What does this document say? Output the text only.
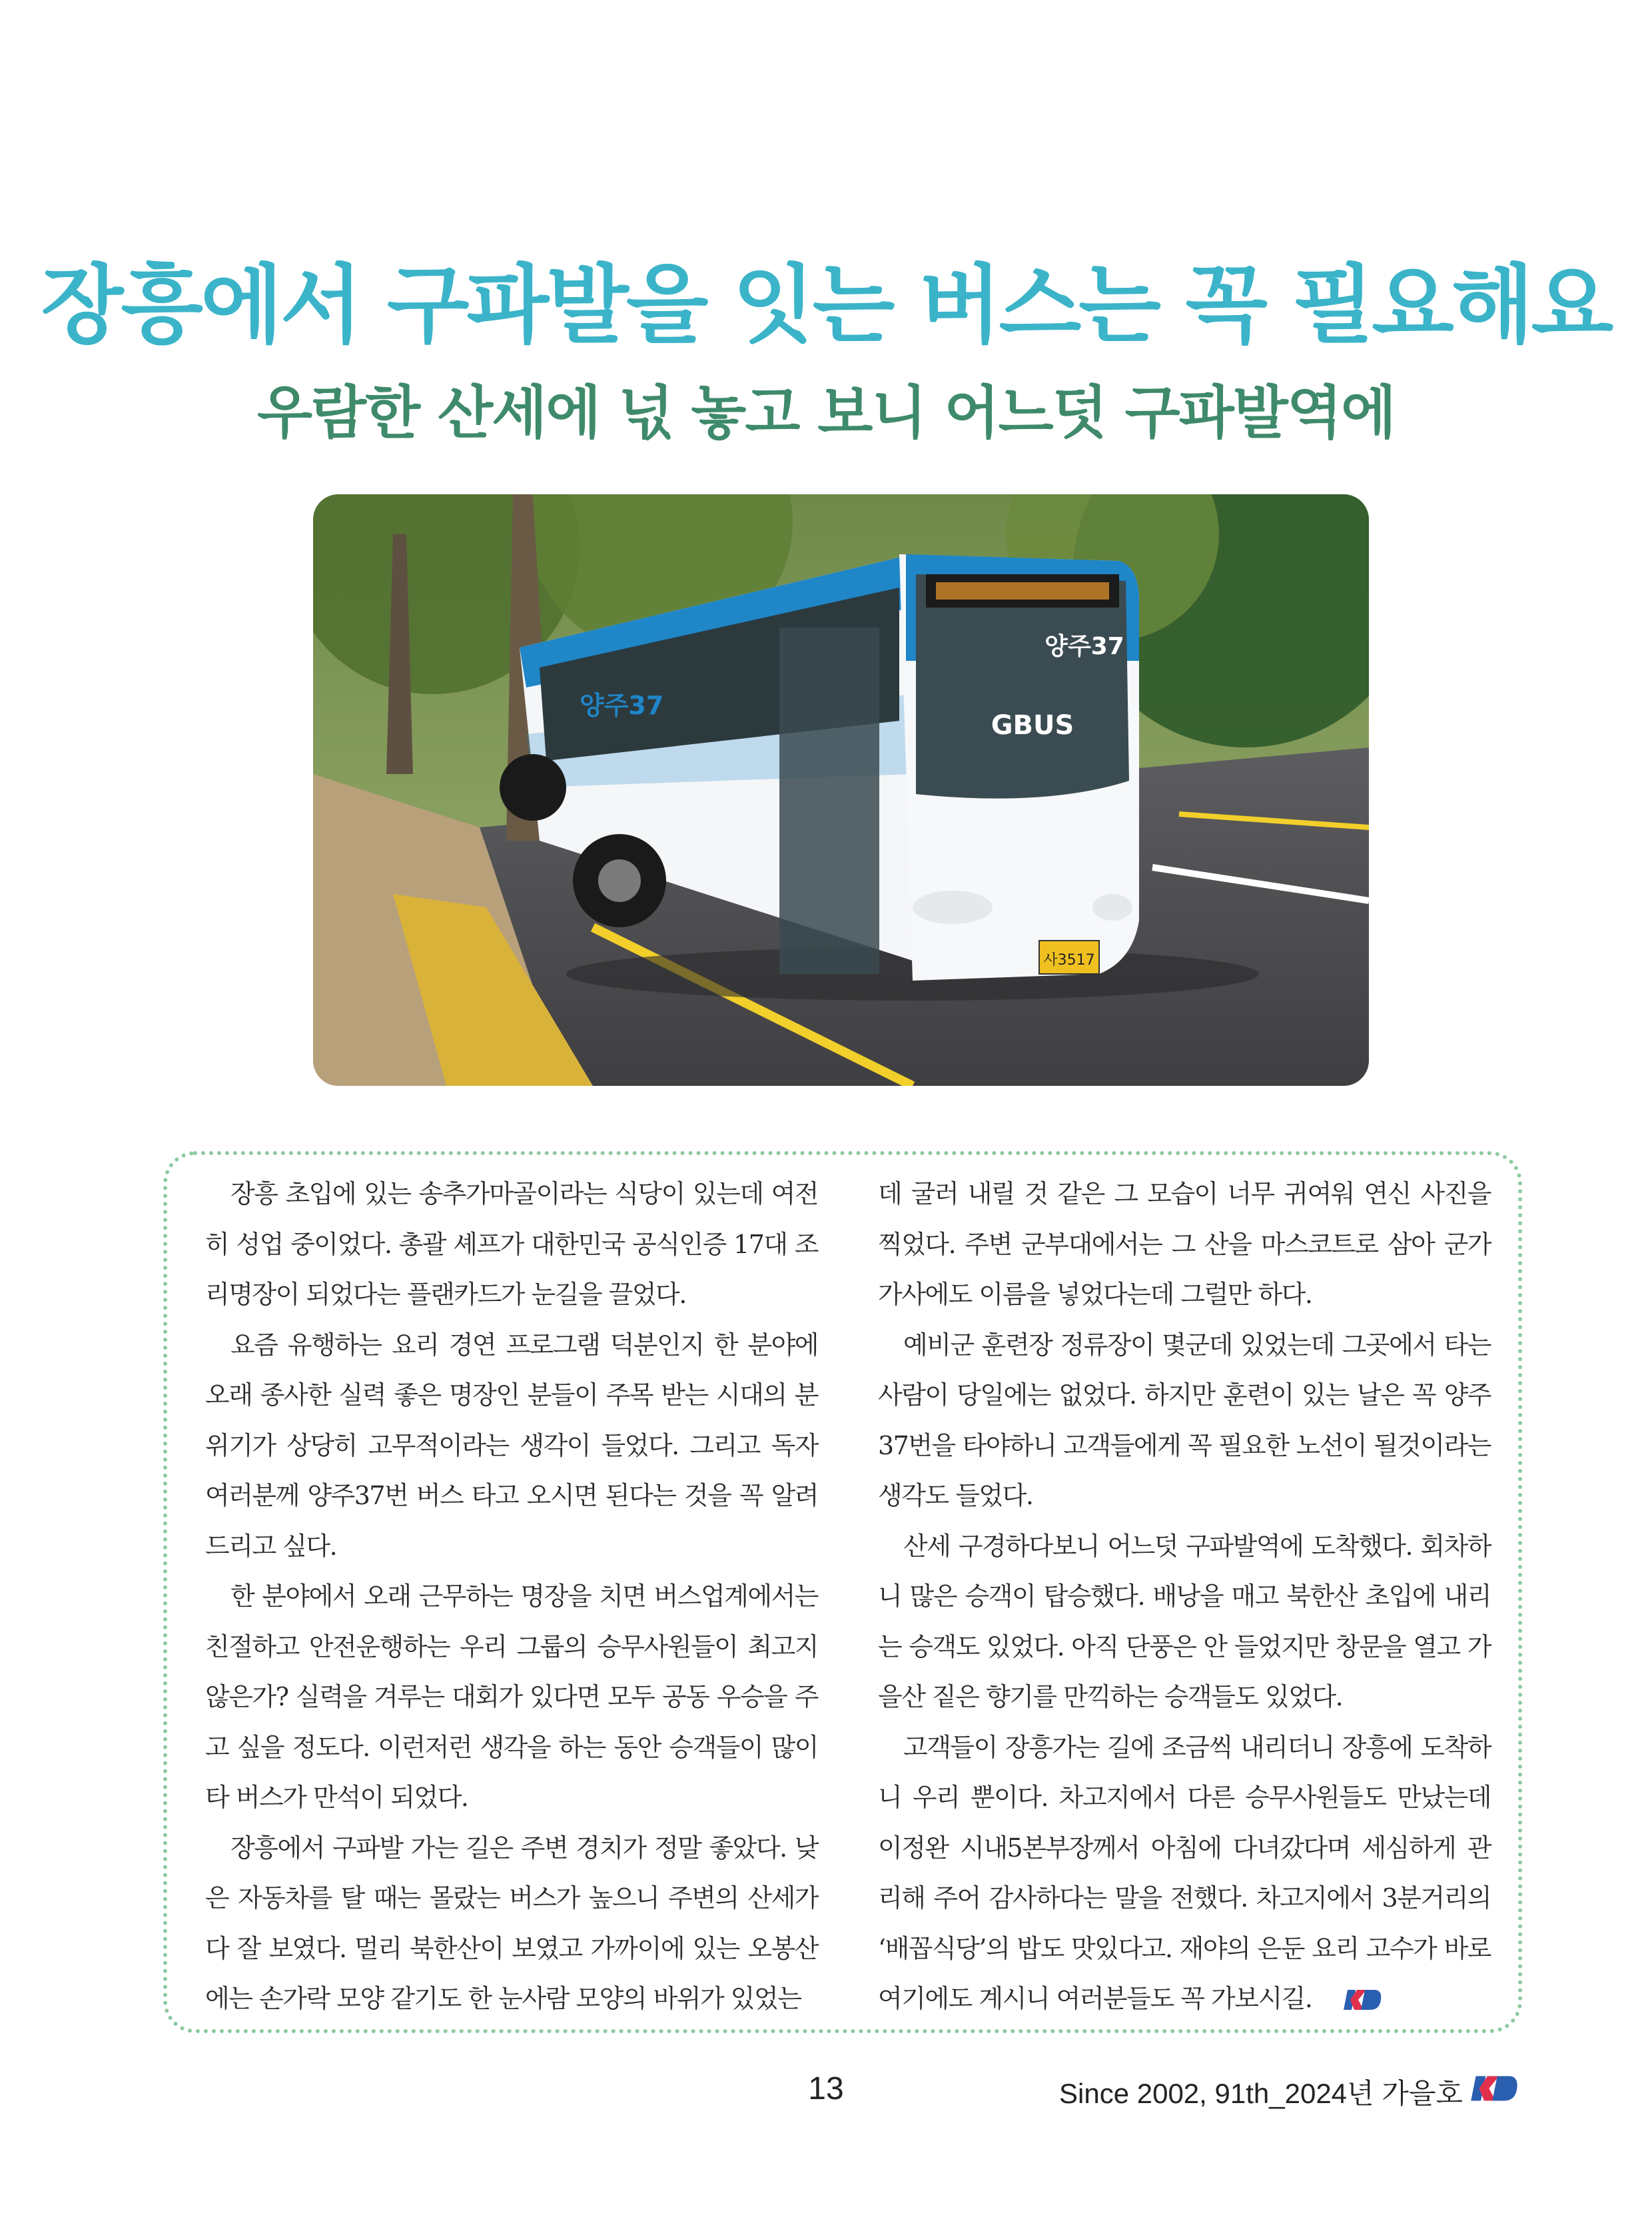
장흥에서 구파발을 잇는 버스는 꼭 필요해요
우람한 산세에 넋 놓고 보니 어느덧 구파발역에
GBUS
양주37
양주37
사3517

장흥 초입에 있는 송추가마골이라는 식당이 있는데 여전히 성업 중이었다. 총괄 셰프가 대한민국 공식인증 17대 조리명장이 되었다는 플랜카드가 눈길을 끌었다.

요즘 유행하는 요리 경연 프로그램 덕분인지 한 분야에 오래 종사한 실력 좋은 명장인 분들이 주목 받는 시대의 분위기가 상당히 고무적이라는 생각이 들었다. 그리고 독자 여러분께 양주37번 버스 타고 오시면 된다는 것을 꼭 알려드리고 싶다.

한 분야에서 오래 근무하는 명장을 치면 버스업계에서는 친절하고 안전운행하는 우리 그룹의 승무사원들이 최고지 않은가? 실력을 겨루는 대회가 있다면 모두 공동 우승을 주고 싶을 정도다. 이런저런 생각을 하는 동안 승객들이 많이 타 버스가 만석이 되었다.

장흥에서 구파발 가는 길은 주변 경치가 정말 좋았다. 낮은 자동차를 탈 때는 몰랐는 버스가 높으니 주변의 산세가 다 잘 보였다. 멀리 북한산이 보였고 가까이에 있는 오봉산에는 손가락 모양 같기도 한 눈사람 모양의 바위가 있었는

데 굴러 내릴 것 같은 그 모습이 너무 귀여워 연신 사진을 찍었다. 주변 군부대에서는 그 산을 마스코트로 삼아 군가 가사에도 이름을 넣었다는데 그럴만 하다.

예비군 훈련장 정류장이 몇군데 있었는데 그곳에서 타는 사람이 당일에는 없었다. 하지만 훈련이 있는 날은 꼭 양주37번을 타야하니 고객들에게 꼭 필요한 노선이 될것이라는 생각도 들었다.

산세 구경하다보니 어느덧 구파발역에 도착했다. 회차하니 많은 승객이 탑승했다. 배낭을 매고 북한산 초입에 내리는 승객도 있었다. 아직 단풍은 안 들었지만 창문을 열고 가을산 짙은 향기를 만끽하는 승객들도 있었다.

고객들이 장흥가는 길에 조금씩 내리더니 장흥에 도착하니 우리 뿐이다. 차고지에서 다른 승무사원들도 만났는데 이정완 시내5본부장께서 아침에 다녀갔다며 세심하게 관리해 주어 감사하다는 말을 전했다. 차고지에서 3분거리의 ‘배꼽식당’의 밥도 맛있다고. 재야의 은둔 요리 고수가 바로 여기에도 계시니 여러분들도 꼭 가보시길.

13	Since 2002, 91th_2024년 가을호
